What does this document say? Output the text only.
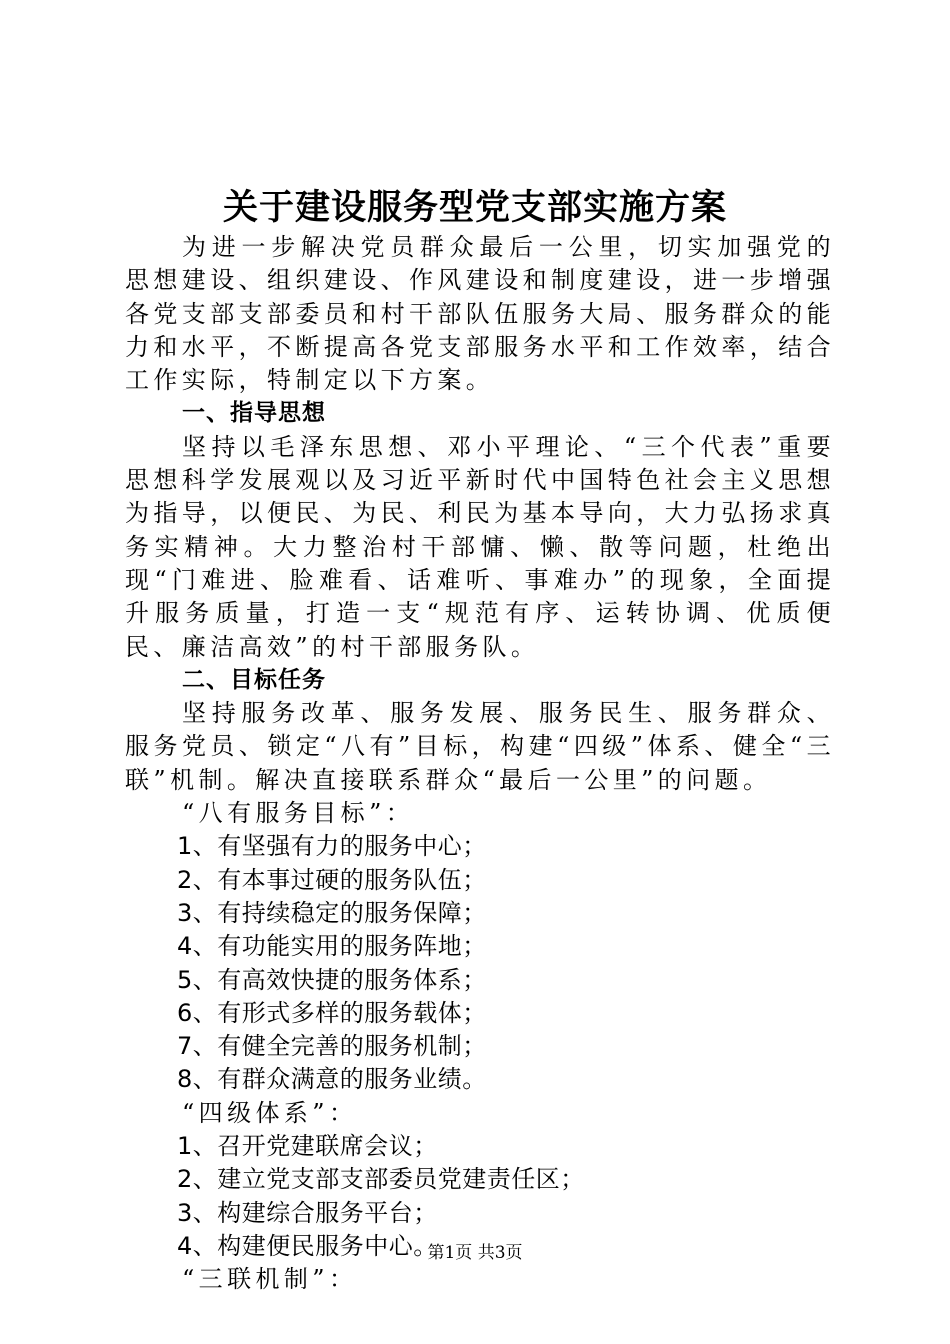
关于建设服务型党支部实施方案

为进一步解决党员群众最后一公里，切实加强党的思想建设、组织建设、作风建设和制度建设，进一步增强各党支部支部委员和村干部队伍服务大局、服务群众的能力和水平，不断提高各党支部服务水平和工作效率，结合工作实际，特制定以下方案。

一、指导思想

坚持以毛泽东思想、邓小平理论、“三个代表”重要思想科学发展观以及习近平新时代中国特色社会主义思想为指导，以便民、为民、利民为基本导向，大力弘扬求真务实精神。大力整治村干部慵、懒、散等问题，杜绝出现“门难进、脸难看、话难听、事难办”的现象，全面提升服务质量，打造一支“规范有序、运转协调、优质便民、廉洁高效”的村干部服务队。

二、目标任务

坚持服务改革、服务发展、服务民生、服务群众、服务党员、锁定“八有”目标，构建“四级”体系、健全“三联”机制。解决直接联系群众“最后一公里”的问题。

“八有服务目标”：

1、有坚强有力的服务中心；

2、有本事过硬的服务队伍；

3、有持续稳定的服务保障；

4、有功能实用的服务阵地；

5、有高效快捷的服务体系；

6、有形式多样的服务载体；

7、有健全完善的服务机制；

8、有群众满意的服务业绩。

“四级体系”：

1、召开党建联席会议；

2、建立党支部支部委员党建责任区；

3、构建综合服务平台；

4、构建便民服务中心。

“三联机制”：

第1页 共3页
